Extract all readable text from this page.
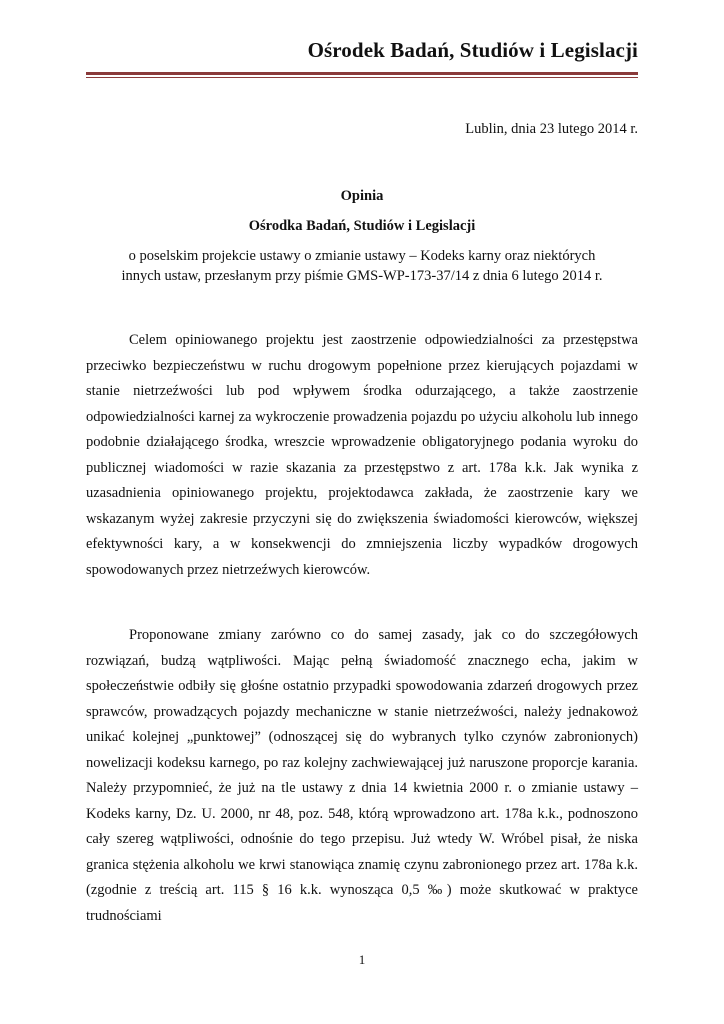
Ośrodek Badań, Studiów i Legislacji
Lublin, dnia 23 lutego 2014 r.
Opinia
Ośrodka Badań, Studiów i Legislacji
o poselskim projekcie ustawy o zmianie ustawy – Kodeks karny oraz niektórych
innych ustaw, przesłanym przy piśmie GMS-WP-173-37/14 z dnia 6 lutego 2014 r.

Celem opiniowanego projektu jest zaostrzenie odpowiedzialności za przestępstwa przeciwko bezpieczeństwu w ruchu drogowym popełnione przez kierujących pojazdami w stanie nietrzeźwości lub pod wpływem środka odurzającego, a także zaostrzenie odpowiedzialności karnej za wykroczenie prowadzenia pojazdu po użyciu alkoholu lub innego podobnie działającego środka, wreszcie wprowadzenie obligatoryjnego podania wyroku do publicznej wiadomości w razie skazania za przestępstwo z art. 178a k.k. Jak wynika z uzasadnienia opiniowanego projektu, projektodawca zakłada, że zaostrzenie kary we wskazanym wyżej zakresie przyczyni się do zwiększenia świadomości kierowców, większej efektywności kary, a w konsekwencji do zmniejszenia liczby wypadków drogowych spowodowanych przez nietrzeźwych kierowców.

Proponowane zmiany zarówno co do samej zasady, jak co do szczegółowych rozwiązań, budzą wątpliwości. Mając pełną świadomość znacznego echa, jakim w społeczeństwie odbiły się głośne ostatnio przypadki spowodowania zdarzeń drogowych przez sprawców, prowadzących pojazdy mechaniczne w stanie nietrzeźwości, należy jednakowoż unikać kolejnej „punktowej” (odnoszącej się do wybranych tylko czynów zabronionych) nowelizacji kodeksu karnego, po raz kolejny zachwiewającej już naruszone proporcje karania. Należy przypomnieć, że już na tle ustawy z dnia 14 kwietnia 2000 r. o zmianie ustawy – Kodeks karny, Dz. U. 2000, nr 48, poz. 548, którą wprowadzono art. 178a k.k., podnoszono cały szereg wątpliwości, odnośnie do tego przepisu. Już wtedy W. Wróbel pisał, że niska granica stężenia alkoholu we krwi stanowiąca znamię czynu zabronionego przez art. 178a k.k. (zgodnie z treścią art. 115 § 16 k.k. wynosząca 0,5 ‰) może skutkować w praktyce trudnościami

1
